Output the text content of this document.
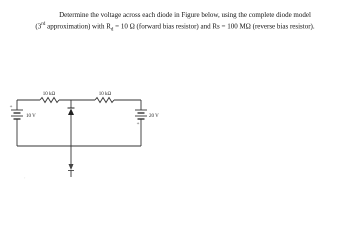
Determine the voltage across each diode in Figure below, using the complete diode model
(3rd approximation) with $R_d = 10$ Ω (forward bias resistor) and Rs = 100 MΩ (reverse bias resistor).
10 kΩ	10 kΩ
+
10 V	20 V
+
,
